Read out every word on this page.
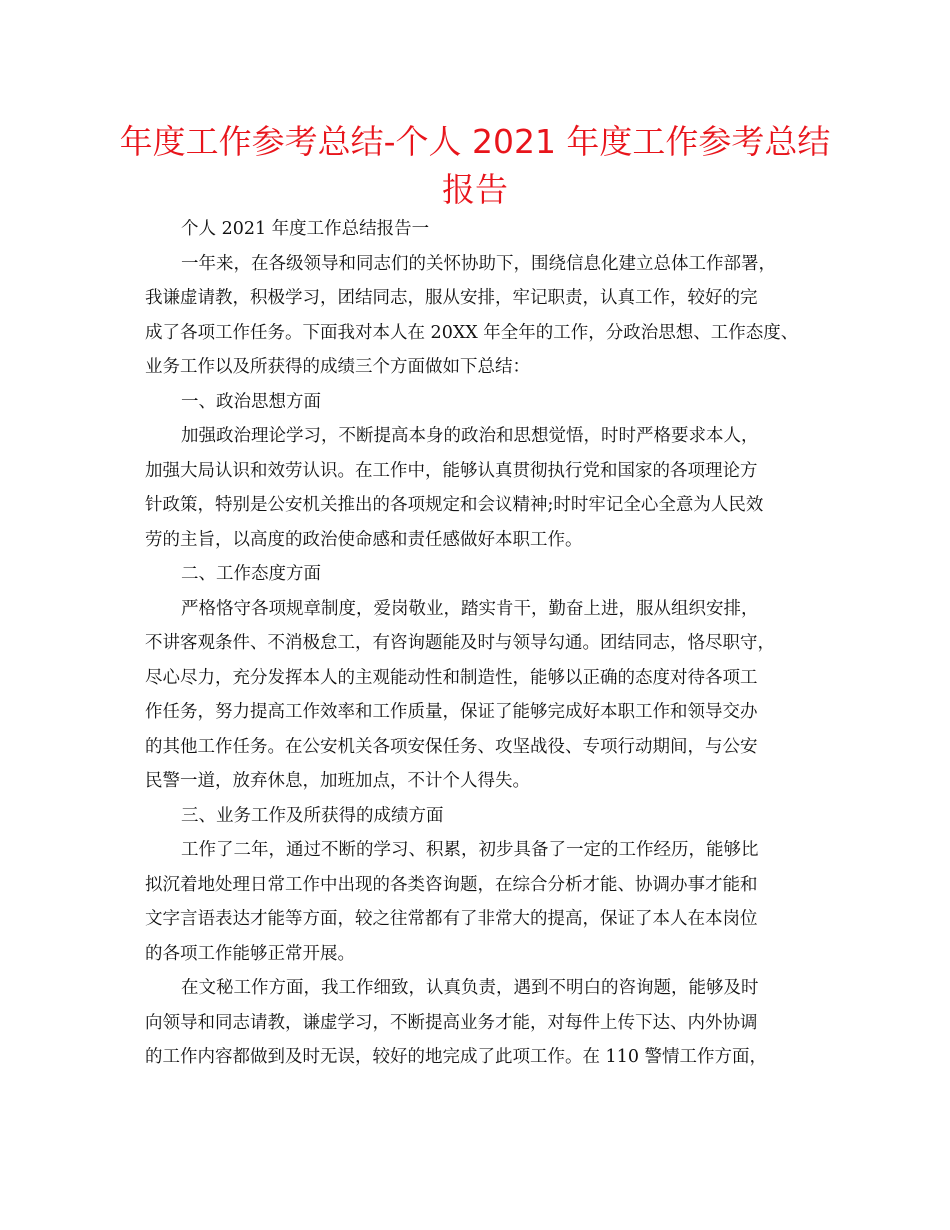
年度工作参考总结-个人 2021 年度工作参考总结
报告
个人 2021 年度工作总结报告一
一年来，在各级领导和同志们的关怀协助下，围绕信息化建立总体工作部署，
我谦虚请教，积极学习，团结同志，服从安排，牢记职责，认真工作，较好的完
成了各项工作任务。下面我对本人在 20XX 年全年的工作，分政治思想、工作态度、
业务工作以及所获得的成绩三个方面做如下总结：
一、政治思想方面
加强政治理论学习，不断提高本身的政治和思想觉悟，时时严格要求本人，
加强大局认识和效劳认识。在工作中，能够认真贯彻执行党和国家的各项理论方
针政策，特别是公安机关推出的各项规定和会议精神;时时牢记全心全意为人民效
劳的主旨，以高度的政治使命感和责任感做好本职工作。
二、工作态度方面
严格恪守各项规章制度，爱岗敬业，踏实肯干，勤奋上进，服从组织安排，
不讲客观条件、不消极怠工，有咨询题能及时与领导勾通。团结同志，恪尽职守，
尽心尽力，充分发挥本人的主观能动性和制造性，能够以正确的态度对待各项工
作任务，努力提高工作效率和工作质量，保证了能够完成好本职工作和领导交办
的其他工作任务。在公安机关各项安保任务、攻坚战役、专项行动期间，与公安
民警一道，放弃休息，加班加点，不计个人得失。
三、业务工作及所获得的成绩方面
工作了二年，通过不断的学习、积累，初步具备了一定的工作经历，能够比
拟沉着地处理日常工作中出现的各类咨询题，在综合分析才能、协调办事才能和
文字言语表达才能等方面，较之往常都有了非常大的提高，保证了本人在本岗位
的各项工作能够正常开展。
在文秘工作方面，我工作细致，认真负责，遇到不明白的咨询题，能够及时
向领导和同志请教，谦虚学习，不断提高业务才能，对每件上传下达、内外协调
的工作内容都做到及时无误，较好的地完成了此项工作。在 110 警情工作方面，
